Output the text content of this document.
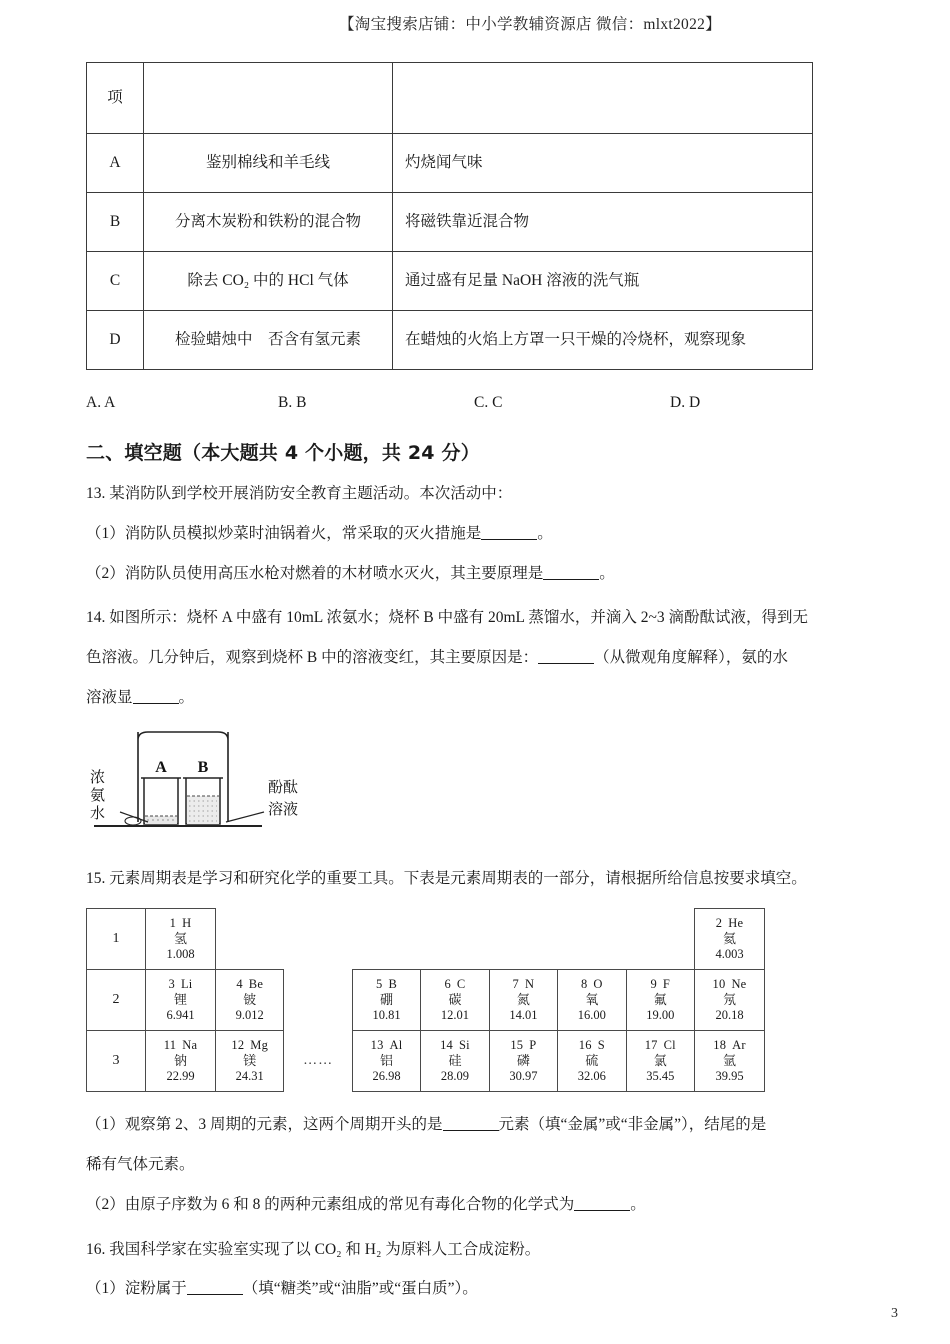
【淘宝搜索店铺：中小学教辅资源店 微信：mlxt2022】
项		
A	鉴别棉线和羊毛线	灼烧闻气味
B	分离木炭粉和铁粉的混合物	将磁铁靠近混合物
C	除去 CO₂ 中的 HCl 气体	通过盛有足量 NaOH 溶液的洗气瓶
D	检验蜡烛中　否含有氢元素	在蜡烛的火焰上方罩一只干燥的冷烧杯，观察现象
A. A	B. B	C. C	D. D
二、填空题（本大题共 4 个小题，共 24 分）

13. 某消防队到学校开展消防安全教育主题活动。本次活动中：

（1）消防队员模拟炒菜时油锅着火，常采取的灭火措施是	。

（2）消防队员使用高压水枪对燃着的木材喷水灭火，其主要原理是	。

14. 如图所示：烧杯 A 中盛有 10mL 浓氨水；烧杯 B 中盛有 20mL 蒸馏水，并滴入 2~3 滴酚酞试液，得到无

色溶液。几分钟后，观察到烧杯 B 中的溶液变红，其主要原因是：	（从微观角度解释），氨的水

溶液显	。

A B
浓 氨 水
酚酞 溶液

15. 元素周期表是学习和研究化学的重要工具。下表是元素周期表的一部分，请根据所给信息按要求填空。

1	1 H
氢
1.008								2 He
氦
4.003

2	3 Li
锂
6.941	4 Be
铍
9.012		5 B
硼
10.81	6 C
碳
12.01	7 N
氮
14.01	8 O
氧
16.00	9 F
氟
19.00	10 Ne
氖
20.18

3	11 Na
钠
22.99	12 Mg
镁
24.31	……	13 Al
铝
26.98	14 Si
硅
28.09	15 P
磷
30.97	16 S
硫
32.06	17 Cl
氯
35.45	18 Ar
氩
39.95

（1）观察第 2、3 周期的元素，这两个周期开头的是	元素（填“金属”或“非金属”），结尾的是

稀有气体元素。

（2）由原子序数为 6 和 8 的两种元素组成的常见有毒化合物的化学式为	。

16. 我国科学家在实验室实现了以 CO₂ 和 H₂ 为原料人工合成淀粉。

（1）淀粉属于	（填“糖类”或“油脂”或“蛋白质”）。

3
